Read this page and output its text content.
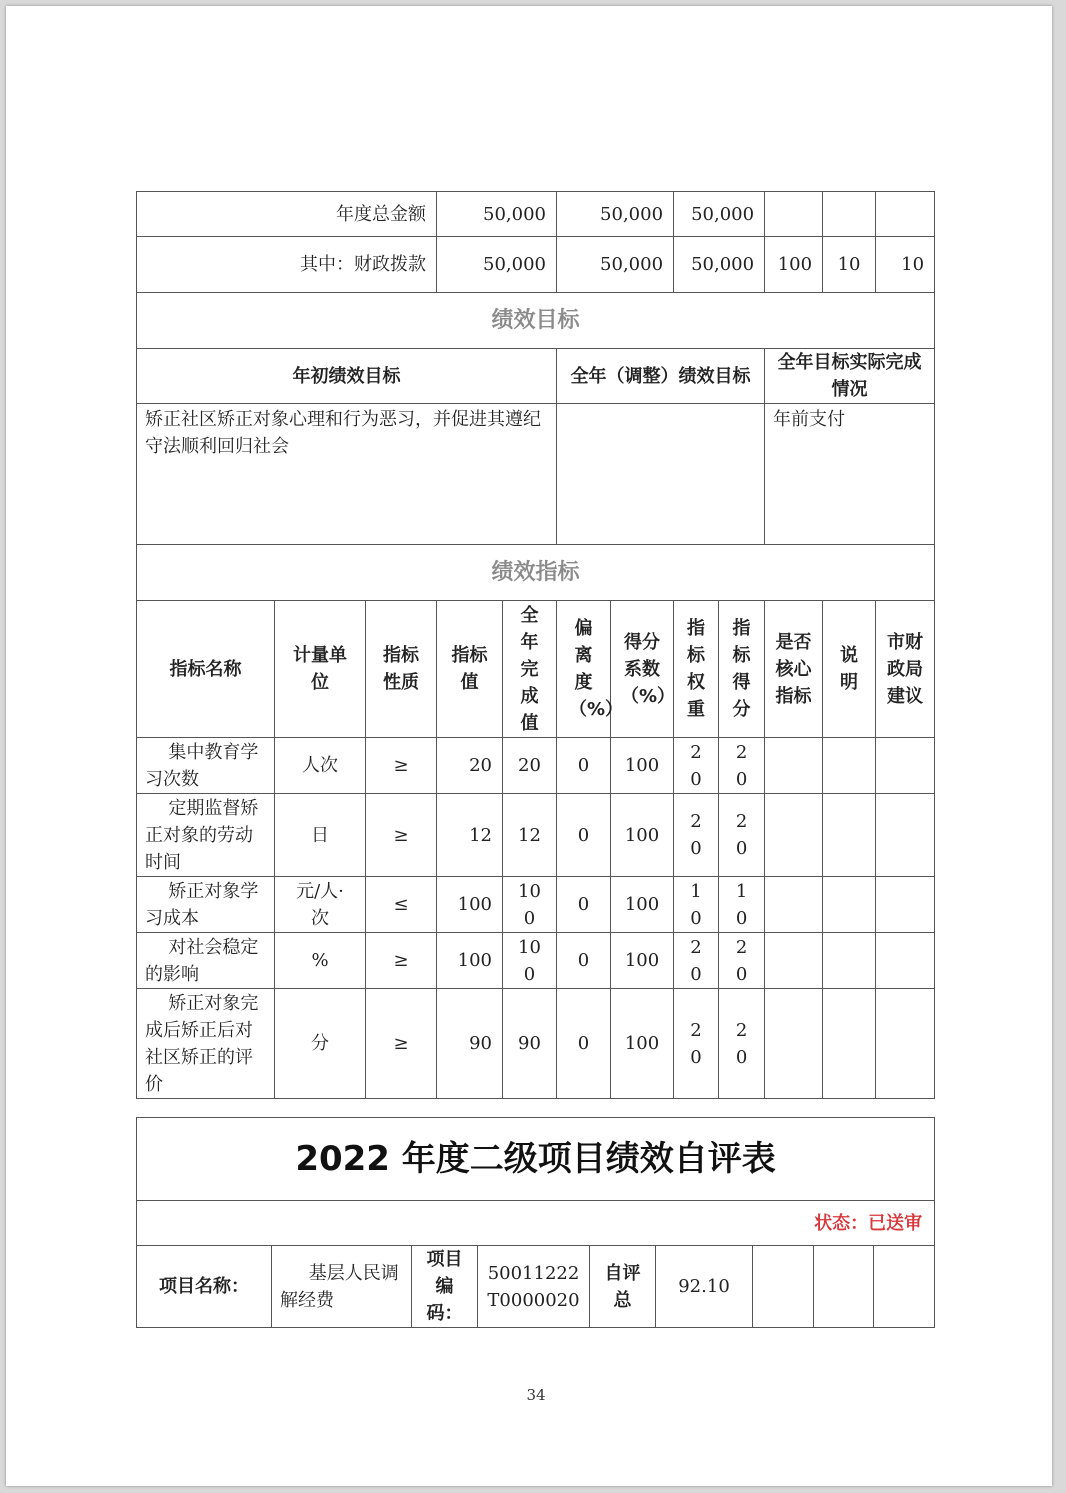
年度总金额			50,000		50,000		50,000				
其中：财政拨款			50,000		50,000		50,000		100	10	10
绩效目标											
年初绩效目标					全年（调整）绩效目标				全年目标实际完成情况		
矫正社区矫正对象心理和行为恶习，并促进其遵纪守法顺利回归社会									年前支付		
绩效指标											
指标名称	计量单位	指标性质	指标值	全年完成值	偏离度（%）	得分系数（%）	指标权重	指标得分	是否核心指标	说明	市财政局建议
集中教育学习次数	人次	≥	20	20	0	100	20	20			
定期监督矫正对象的劳动时间	日	≥	12	12	0	100	20	20			
矫正对象学习成本	元/人·次	≤	100	100	0	100	10	10			
对社会稳定的影响	%	≥	100	100	0	100	20	20			
矫正对象完成后矫正后对社区矫正的评价	分	≥	90	90	0	100	20	20			
2022 年度二级项目绩效自评表
状态：已送审
项目名称：	基层人民调解经费	项目编码：	50011222T0000020	自评总	92.10			
34
